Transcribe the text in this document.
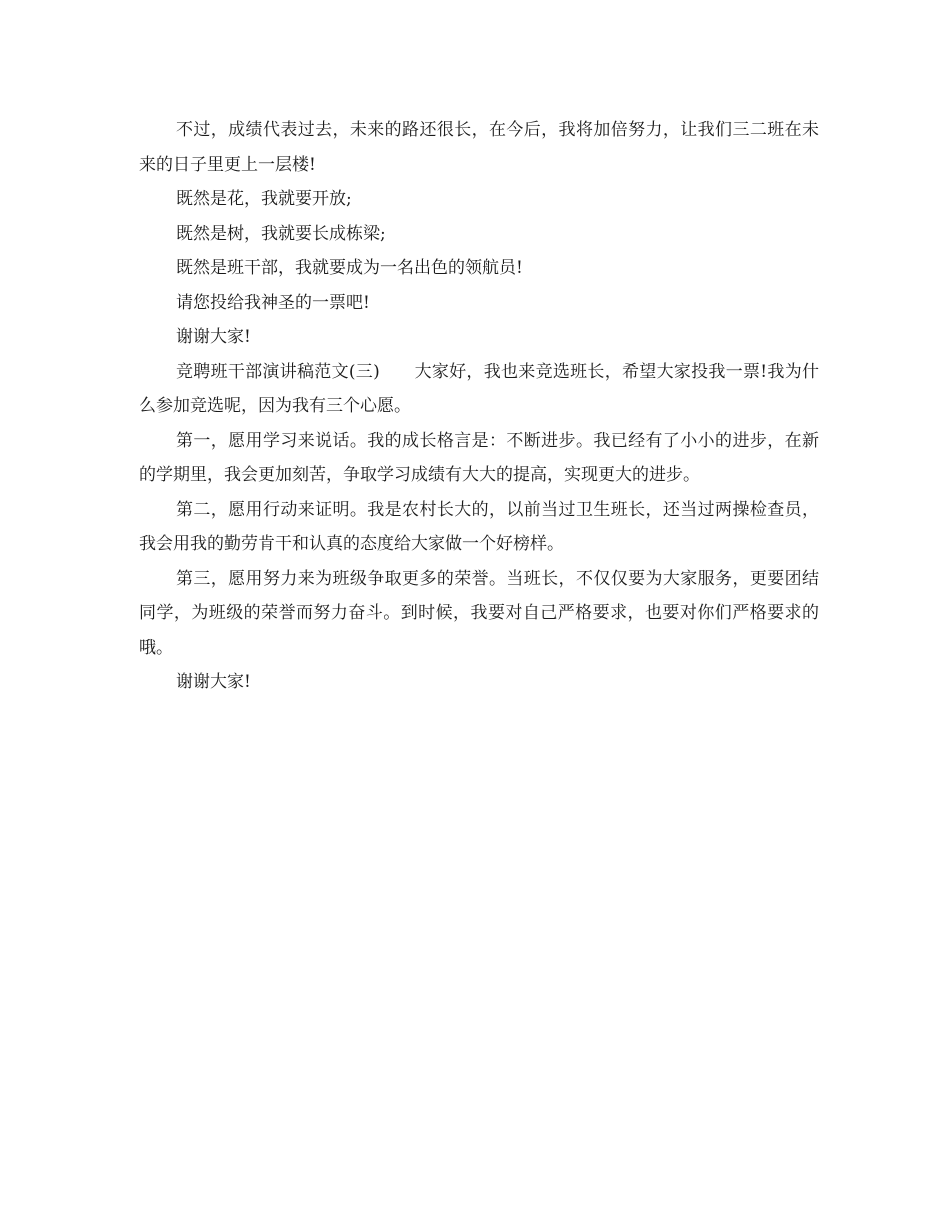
不过，成绩代表过去，未来的路还很长，在今后，我将加倍努力，让我们三二班在未来的日子里更上一层楼!

既然是花，我就要开放;

既然是树，我就要长成栋梁;

既然是班干部，我就要成为一名出色的领航员!

请您投给我神圣的一票吧!

谢谢大家!

竞聘班干部演讲稿范文(三)　　大家好，我也来竞选班长，希望大家投我一票!我为什么参加竞选呢，因为我有三个心愿。

第一，愿用学习来说话。我的成长格言是：不断进步。我已经有了小小的进步，在新的学期里，我会更加刻苦，争取学习成绩有大大的提高，实现更大的进步。

第二，愿用行动来证明。我是农村长大的，以前当过卫生班长，还当过两操检查员，我会用我的勤劳肯干和认真的态度给大家做一个好榜样。

第三，愿用努力来为班级争取更多的荣誉。当班长，不仅仅要为大家服务，更要团结同学，为班级的荣誉而努力奋斗。到时候，我要对自己严格要求，也要对你们严格要求的哦。

谢谢大家!
